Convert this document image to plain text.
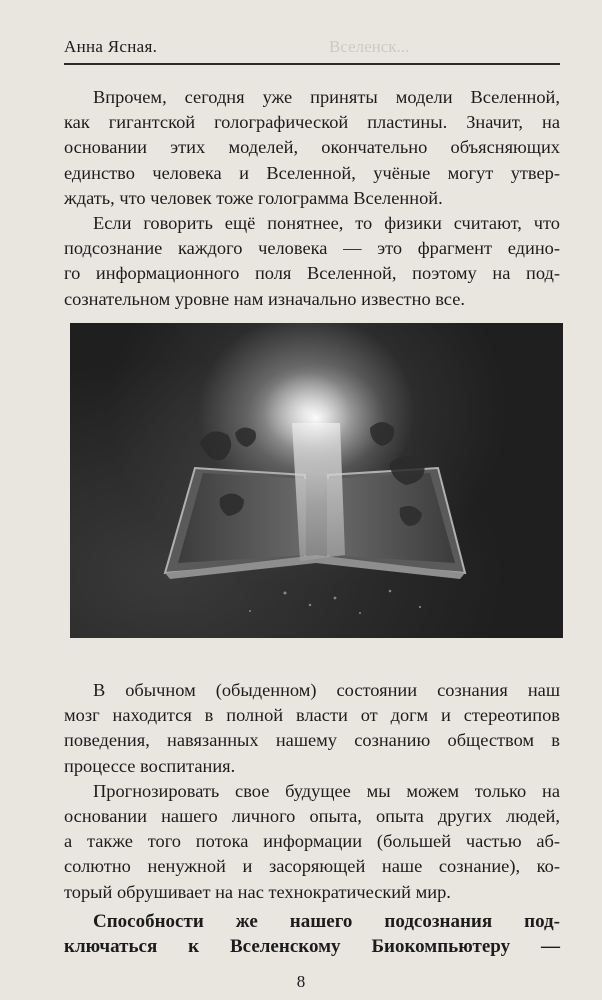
Анна Ясная.	Вселенск...

Впрочем, сегодня уже приняты модели Вселенной,
как гигантской голографической пластины. Значит, на
основании этих моделей, окончательно объясняющих
единство человека и Вселенной, учёные могут утвер-
ждать, что человек тоже голограмма Вселенной.

Если говорить ещё понятнее, то физики считают, что
подсознание каждого человека — это фрагмент едино-
го информационного поля Вселенной, поэтому на под-
сознательном уровне нам изначально известно все.

В обычном (обыденном) состоянии сознания наш
мозг находится в полной власти от догм и стереотипов
поведения, навязанных нашему сознанию обществом в
процессе воспитания.

Прогнозировать свое будущее мы можем только на
основании нашего личного опыта, опыта других людей,
а также того потока информации (большей частью аб-
солютно ненужной и засоряющей наше сознание), ко-
торый обрушивает на нас технократический мир.

Способности же нашего подсознания под-
ключаться к Вселенскому Биокомпьютеру —

8
